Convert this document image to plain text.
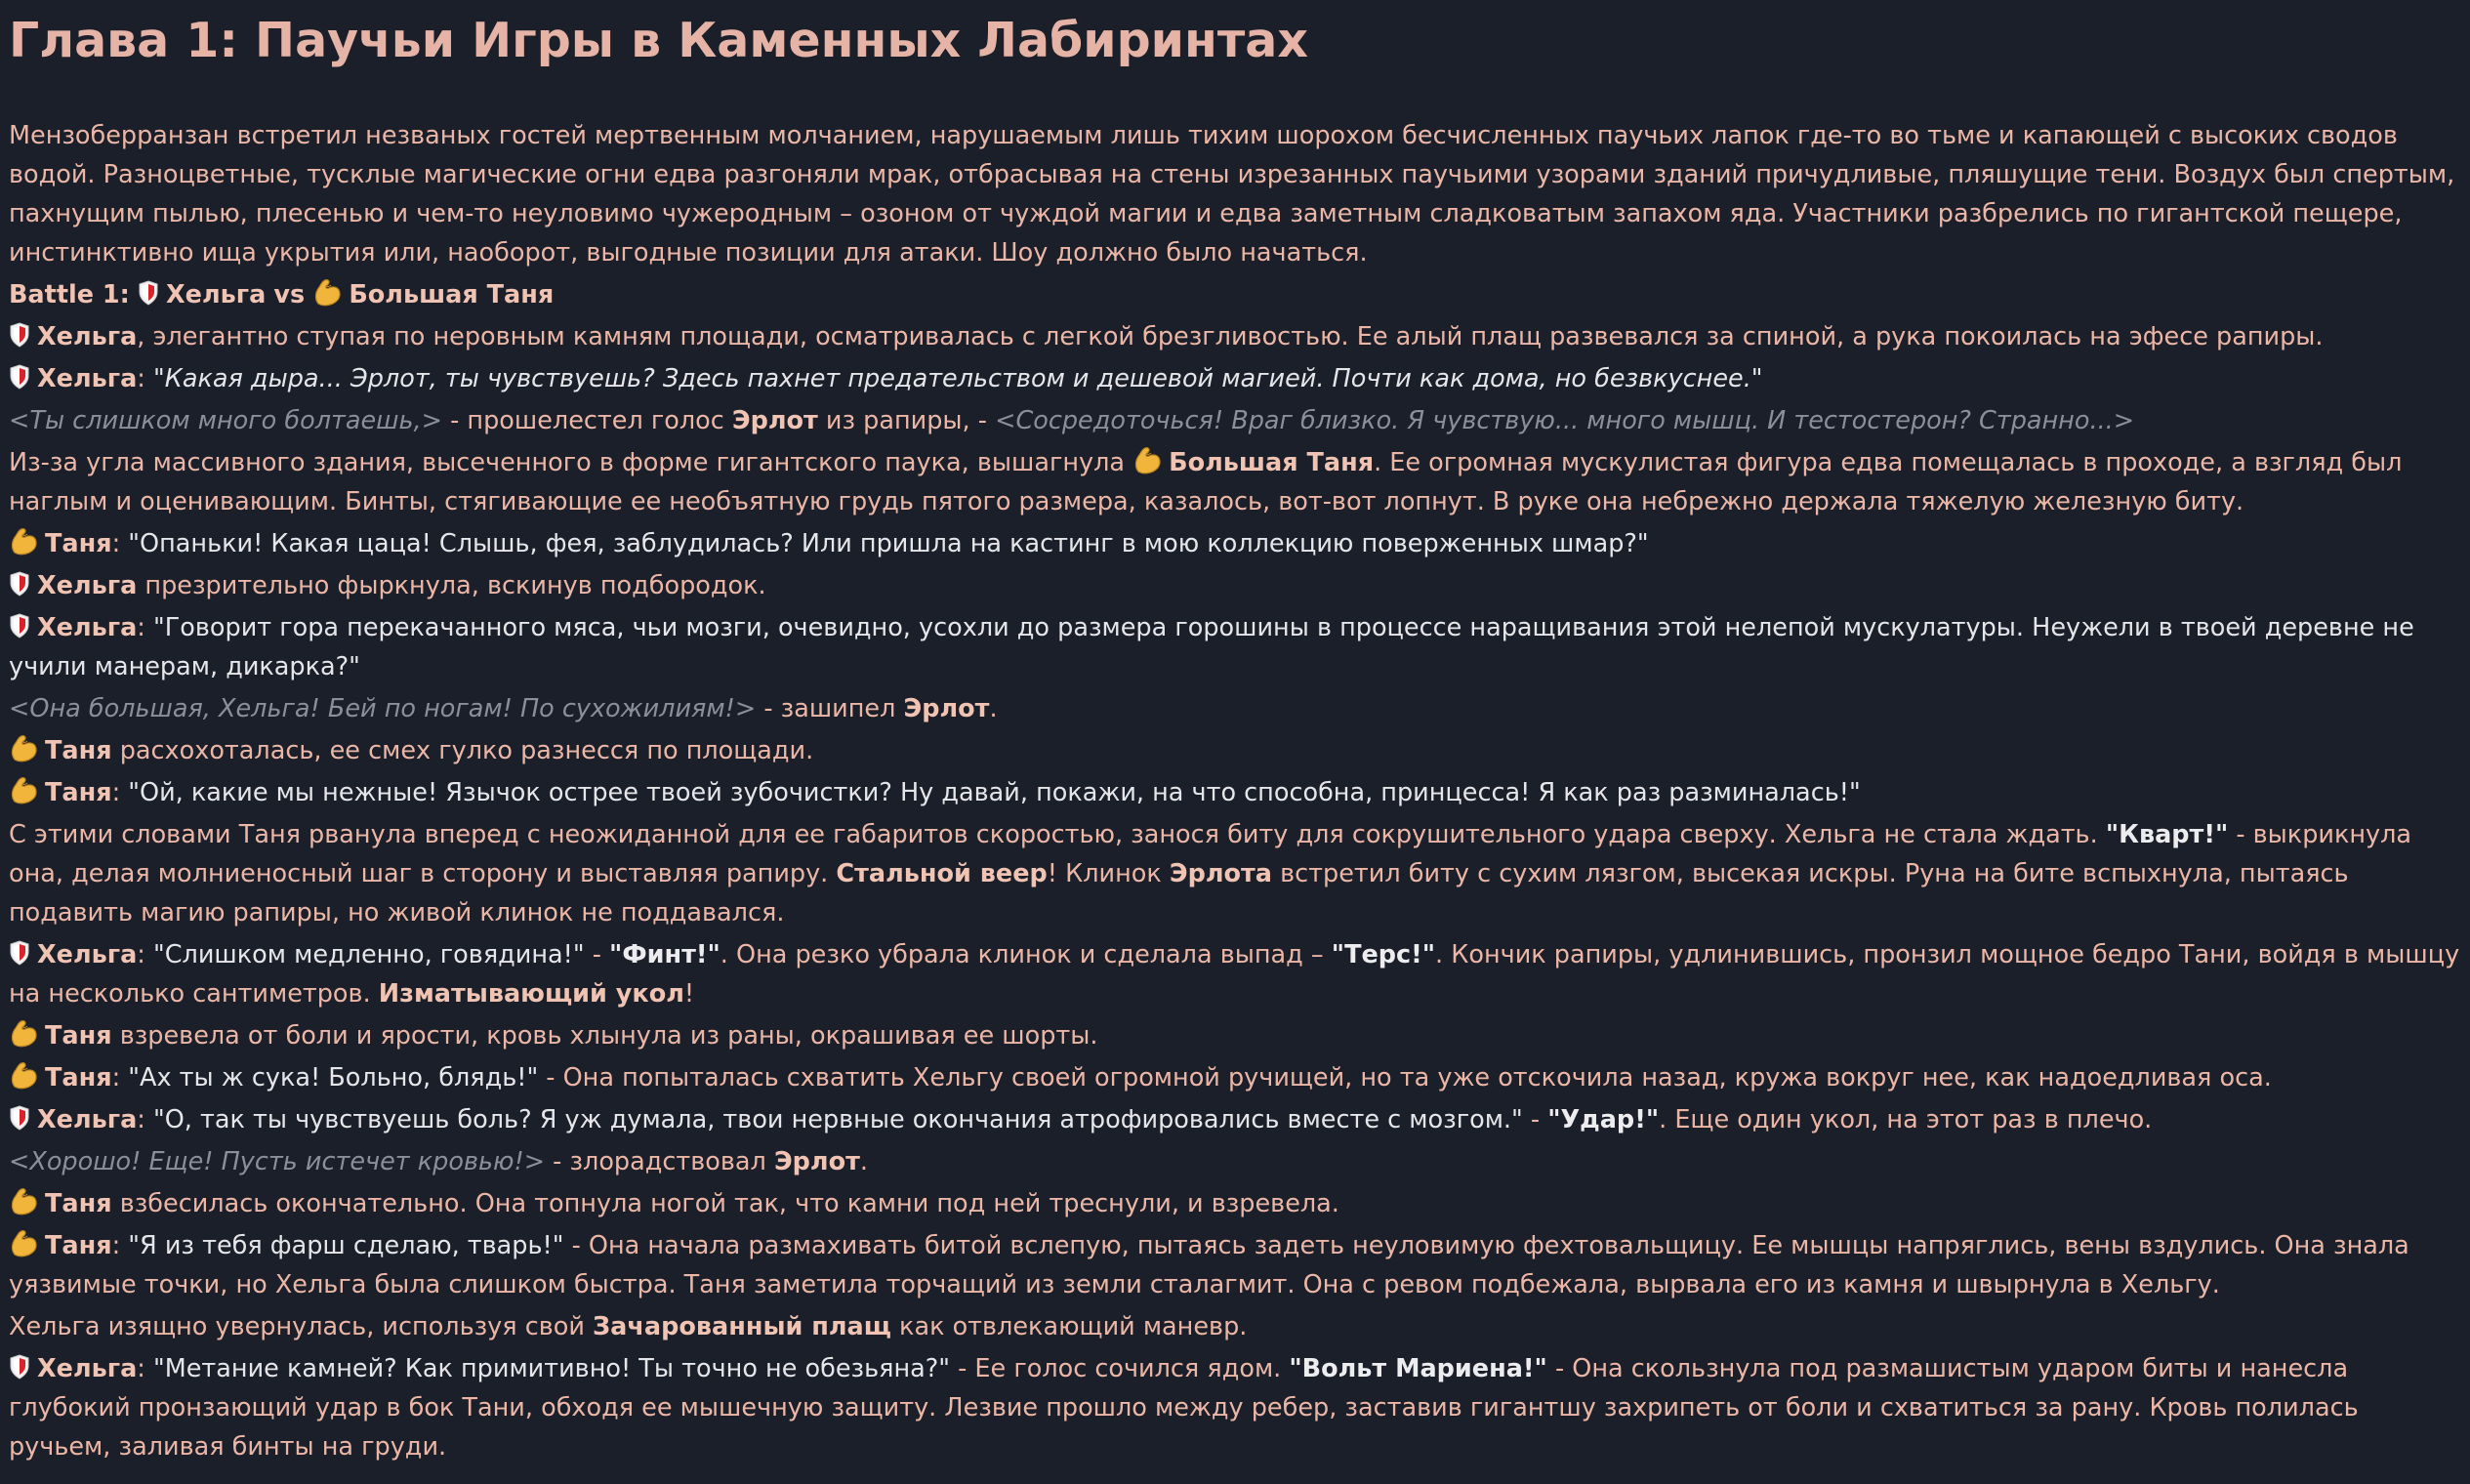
Глава 1: Паучьи Игры в Каменных Лабиринтах

Мензоберранзан встретил незваных гостей мертвенным молчанием, нарушаемым лишь тихим шорохом бесчисленных паучьих лапок где-то во тьме и капающей с высоких сводов водой. Разноцветные, тусклые магические огни едва разгоняли мрак, отбрасывая на стены изрезанных паучьими узорами зданий причудливые, пляшущие тени. Воздух был спертым, пахнущим пылью, плесенью и чем-то неуловимо чужеродным – озоном от чуждой магии и едва заметным сладковатым запахом яда. Участники разбрелись по гигантской пещере, инстинктивно ища укрытия или, наоборот, выгодные позиции для атаки. Шоу должно было начаться.

Battle 1: Хельга vs Большая Таня

Хельга, элегантно ступая по неровным камням площади, осматривалась с легкой брезгливостью. Ее алый плащ развевался за спиной, а рука покоилась на эфесе рапиры.

Хельга: "Какая дыра... Эрлот, ты чувствуешь? Здесь пахнет предательством и дешевой магией. Почти как дома, но безвкуснее."

<Ты слишком много болтаешь,> - прошелестел голос Эрлот из рапиры, - <Сосредоточься! Враг близко. Я чувствую... много мышц. И тестостерон? Странно...>

Из-за угла массивного здания, высеченного в форме гигантского паука, вышагнула Большая Таня. Ее огромная мускулистая фигура едва помещалась в проходе, а взгляд был наглым и оценивающим. Бинты, стягивающие ее необъятную грудь пятого размера, казалось, вот-вот лопнут. В руке она небрежно держала тяжелую железную биту.

Таня: "Опаньки! Какая цаца! Слышь, фея, заблудилась? Или пришла на кастинг в мою коллекцию поверженных шмар?"

Хельга презрительно фыркнула, вскинув подбородок.

Хельга: "Говорит гора перекачанного мяса, чьи мозги, очевидно, усохли до размера горошины в процессе наращивания этой нелепой мускулатуры. Неужели в твоей деревне не учили манерам, дикарка?"

<Она большая, Хельга! Бей по ногам! По сухожилиям!> - зашипел Эрлот.

Таня расхохоталась, ее смех гулко разнесся по площади.

Таня: "Ой, какие мы нежные! Язычок острее твоей зубочистки? Ну давай, покажи, на что способна, принцесса! Я как раз разминалась!"

С этими словами Таня рванула вперед с неожиданной для ее габаритов скоростью, занося биту для сокрушительного удара сверху. Хельга не стала ждать. "Кварт!" - выкрикнула она, делая молниеносный шаг в сторону и выставляя рапиру. Стальной веер! Клинок Эрлота встретил биту с сухим лязгом, высекая искры. Руна на бите вспыхнула, пытаясь подавить магию рапиры, но живой клинок не поддавался.

Хельга: "Слишком медленно, говядина!" - "Финт!". Она резко убрала клинок и сделала выпад – "Терс!". Кончик рапиры, удлинившись, пронзил мощное бедро Тани, войдя в мышцу на несколько сантиметров. Изматывающий укол!

Таня взревела от боли и ярости, кровь хлынула из раны, окрашивая ее шорты.

Таня: "Ах ты ж сука! Больно, блядь!" - Она попыталась схватить Хельгу своей огромной ручищей, но та уже отскочила назад, кружа вокруг нее, как надоедливая оса.

Хельга: "О, так ты чувствуешь боль? Я уж думала, твои нервные окончания атрофировались вместе с мозгом." - "Удар!". Еще один укол, на этот раз в плечо.

<Хорошо! Еще! Пусть истечет кровью!> - злорадствовал Эрлот.

Таня взбесилась окончательно. Она топнула ногой так, что камни под ней треснули, и взревела.

Таня: "Я из тебя фарш сделаю, тварь!" - Она начала размахивать битой вслепую, пытаясь задеть неуловимую фехтовальщицу. Ее мышцы напряглись, вены вздулись. Она знала уязвимые точки, но Хельга была слишком быстра. Таня заметила торчащий из земли сталагмит. Она с ревом подбежала, вырвала его из камня и швырнула в Хельгу.

Хельга изящно увернулась, используя свой Зачарованный плащ как отвлекающий маневр.

Хельга: "Метание камней? Как примитивно! Ты точно не обезьяна?" - Ее голос сочился ядом. "Вольт Мариена!" - Она скользнула под размашистым ударом биты и нанесла глубокий пронзающий удар в бок Тани, обходя ее мышечную защиту. Лезвие прошло между ребер, заставив гигантшу захрипеть от боли и схватиться за рану. Кровь полилась ручьем, заливая бинты на груди.
